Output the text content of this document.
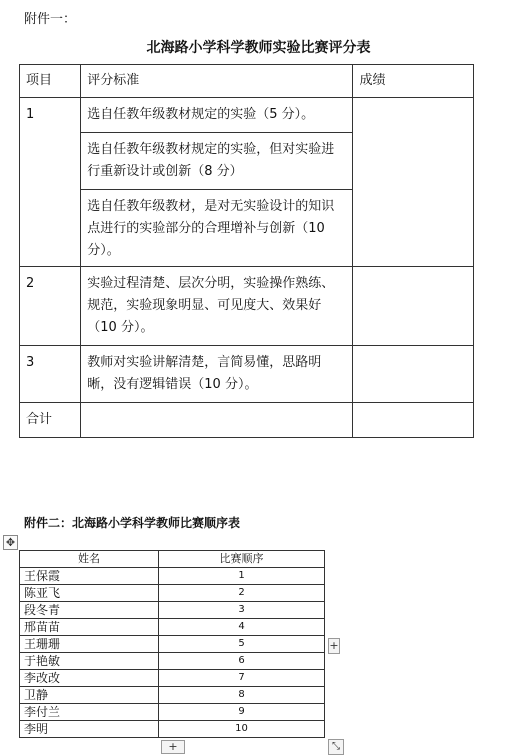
附件一：
北海路小学科学教师实验比赛评分表
项目	评分标准	成绩
1	选自任教年级教材规定的实验（5 分）。	
	选自任教年级教材规定的实验，但对实验进行重新设计或创新（8 分）	
	选自任教年级教材，是对无实验设计的知识点进行的实验部分的合理增补与创新（10 分）。	
2	实验过程清楚、层次分明，实验操作熟练、规范，实验现象明显、可见度大、效果好（10 分）。	
3	教师对实验讲解清楚，言简易懂，思路明晰，没有逻辑错误（10 分）。	
合计		
附件二：北海路小学科学教师比赛顺序表
✥
姓名	比赛顺序
王保霞	1
陈亚飞	2
段冬青	3
邢苗苗	4
王珊珊	5
于艳敏	6
李改改	7
卫静	8
李付兰	9
李明	10
+
+	⤡
